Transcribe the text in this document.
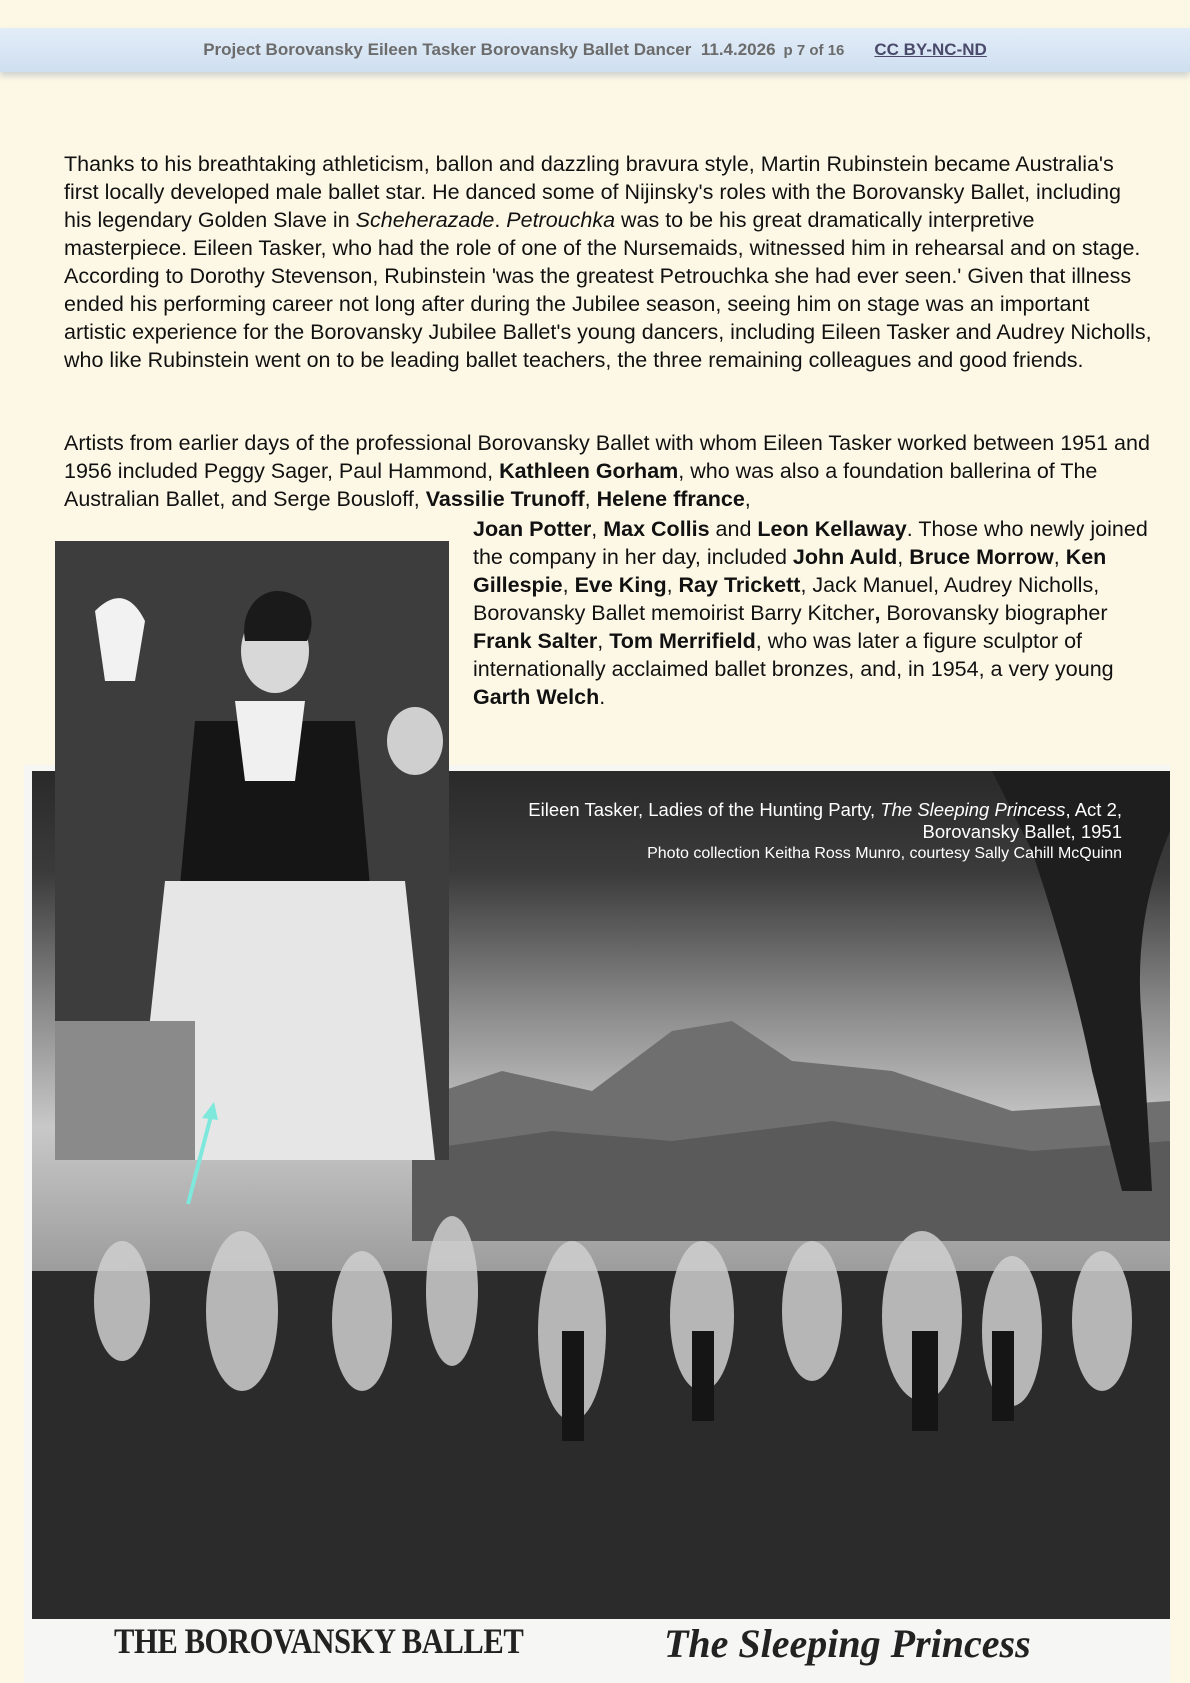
Project Borovansky Eileen Tasker Borovansky Ballet Dancer
11.4.2026 p 7 of 16 CC BY-NC-ND

Thanks to his breathtaking athleticism, ballon and dazzling bravura style, Martin Rubinstein became Australia's first locally developed male ballet star. He danced some of Nijinsky's roles with the Borovansky Ballet, including his legendary Golden Slave in Scheherazade. Petrouchka was to be his great dramatically interpretive masterpiece. Eileen Tasker, who had the role of one of the Nursemaids, witnessed him in rehearsal and on stage. According to Dorothy Stevenson, Rubinstein 'was the greatest Petrouchka she had ever seen.' Given that illness ended his performing career not long after during the Jubilee season, seeing him on stage was an important artistic experience for the Borovansky Jubilee Ballet's young dancers, including Eileen Tasker and Audrey Nicholls, who like Rubinstein went on to be leading ballet teachers, the three remaining colleagues and good friends.

Artists from earlier days of the professional Borovansky Ballet with whom Eileen Tasker worked between 1951 and 1956 included Peggy Sager, Paul Hammond, Kathleen Gorham, who was also a foundation ballerina of The Australian Ballet, and Serge Bousloff, Vassilie Trunoff, Helene ffrance,

Joan Potter, Max Collis and Leon Kellaway. Those who newly joined the company in her day, included John Auld, Bruce Morrow, Ken Gillespie, Eve King, Ray Trickett, Jack Manuel, Audrey Nicholls, Borovansky Ballet memoirist Barry Kitcher, Borovansky biographer Frank Salter, Tom Merrifield, who was later a figure sculptor of internationally acclaimed ballet bronzes, and, in 1954, a very young Garth Welch.

Eileen Tasker, Ladies of the Hunting Party, The Sleeping Princess, Act 2,
Borovansky Ballet, 1951
Photo collection Keitha Ross Munro, courtesy Sally Cahill McQuinn
THE BOROVANSKY BALLET	The Sleeping Princess
